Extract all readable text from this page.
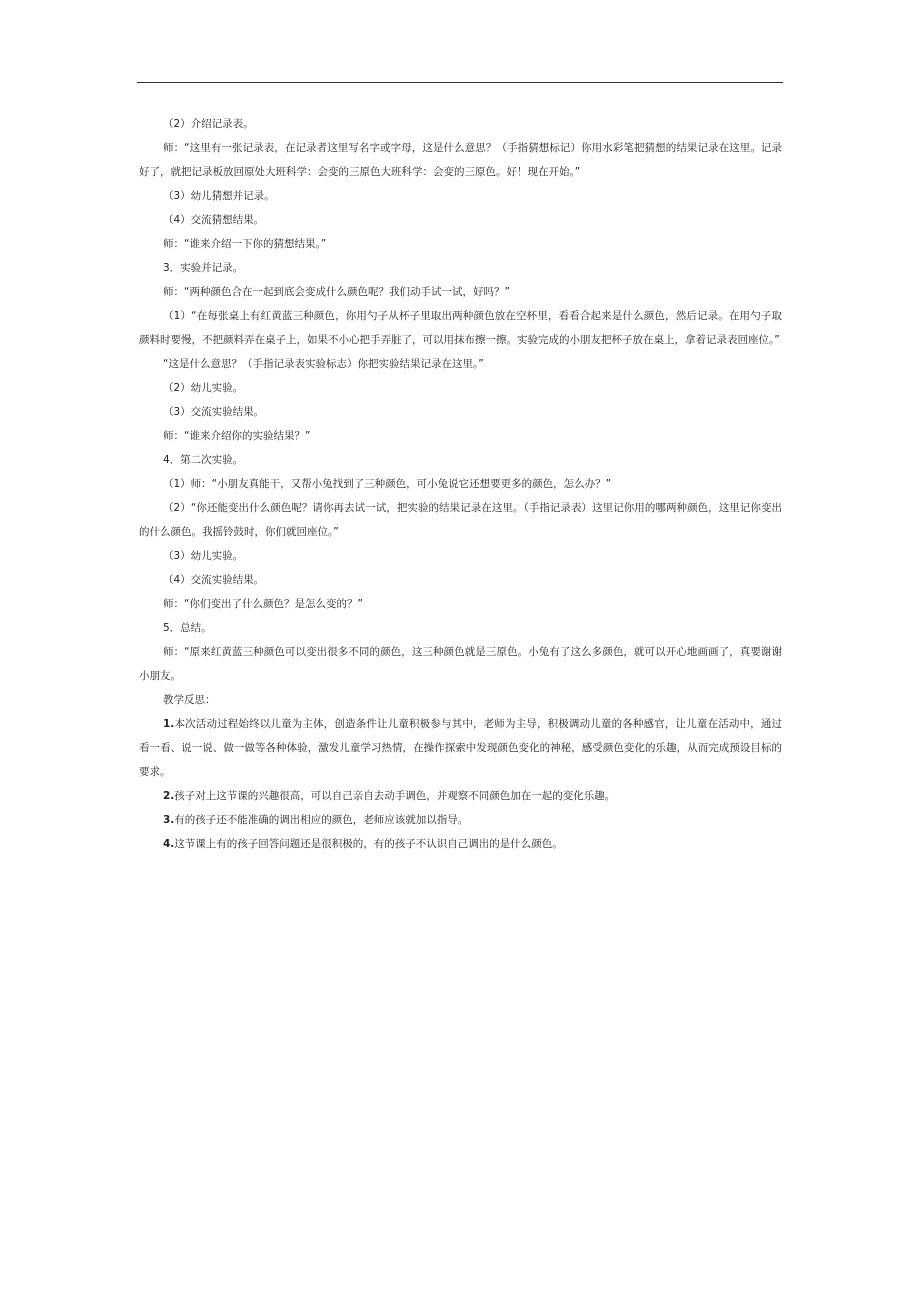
（2）介绍记录表。

师：“这里有一张记录表，在记录者这里写名字或字母，这是什么意思？（手指猜想标记）你用水彩笔把猜想的结果记录在这里。记录好了，就把记录板放回原处大班科学：会变的三原色大班科学：会变的三原色。好！现在开始。”

（3）幼儿猜想并记录。

（4）交流猜想结果。

师：“谁来介绍一下你的猜想结果。”

3．实验并记录。

师：“两种颜色合在一起到底会变成什么颜色呢？我们动手试一试，好吗？”

（1）“在每张桌上有红黄蓝三种颜色，你用勺子从杯子里取出两种颜色放在空杯里，看看合起来是什么颜色，然后记录。在用勺子取颜料时要慢，不把颜料弄在桌子上，如果不小心把手弄脏了，可以用抹布擦一擦。实验完成的小朋友把杯子放在桌上，拿着记录表回座位。”

“这是什么意思？（手指记录表实验标志）你把实验结果记录在这里。”

（2）幼儿实验。

（3）交流实验结果。

师：“谁来介绍你的实验结果？”

4．第二次实验。

（1）师：“小朋友真能干，又帮小兔找到了三种颜色，可小兔说它还想要更多的颜色，怎么办？”

（2）“你还能变出什么颜色呢？请你再去试一试，把实验的结果记录在这里。（手指记录表）这里记你用的哪两种颜色，这里记你变出的什么颜色。我摇铃鼓时，你们就回座位。”

（3）幼儿实验。

（4）交流实验结果。

师：“你们变出了什么颜色？是怎么变的？”

5．总结。

师：“原来红黄蓝三种颜色可以变出很多不同的颜色，这三种颜色就是三原色。小兔有了这么多颜色，就可以开心地画画了，真要谢谢小朋友。

教学反思：

1.本次活动过程始终以儿童为主体，创造条件让儿童积极参与其中，老师为主导，积极调动儿童的各种感官，让儿童在活动中，通过看一看、说一说、做一做等各种体验，激发儿童学习热情，在操作探索中发现颜色变化的神秘，感受颜色变化的乐趣，从而完成预设目标的要求。

2.孩子对上这节课的兴趣很高，可以自己亲自去动手调色，并观察不同颜色加在一起的变化乐趣。

3.有的孩子还不能准确的调出相应的颜色，老师应该就加以指导。

4.这节课上有的孩子回答问题还是很积极的，有的孩子不认识自己调出的是什么颜色。
